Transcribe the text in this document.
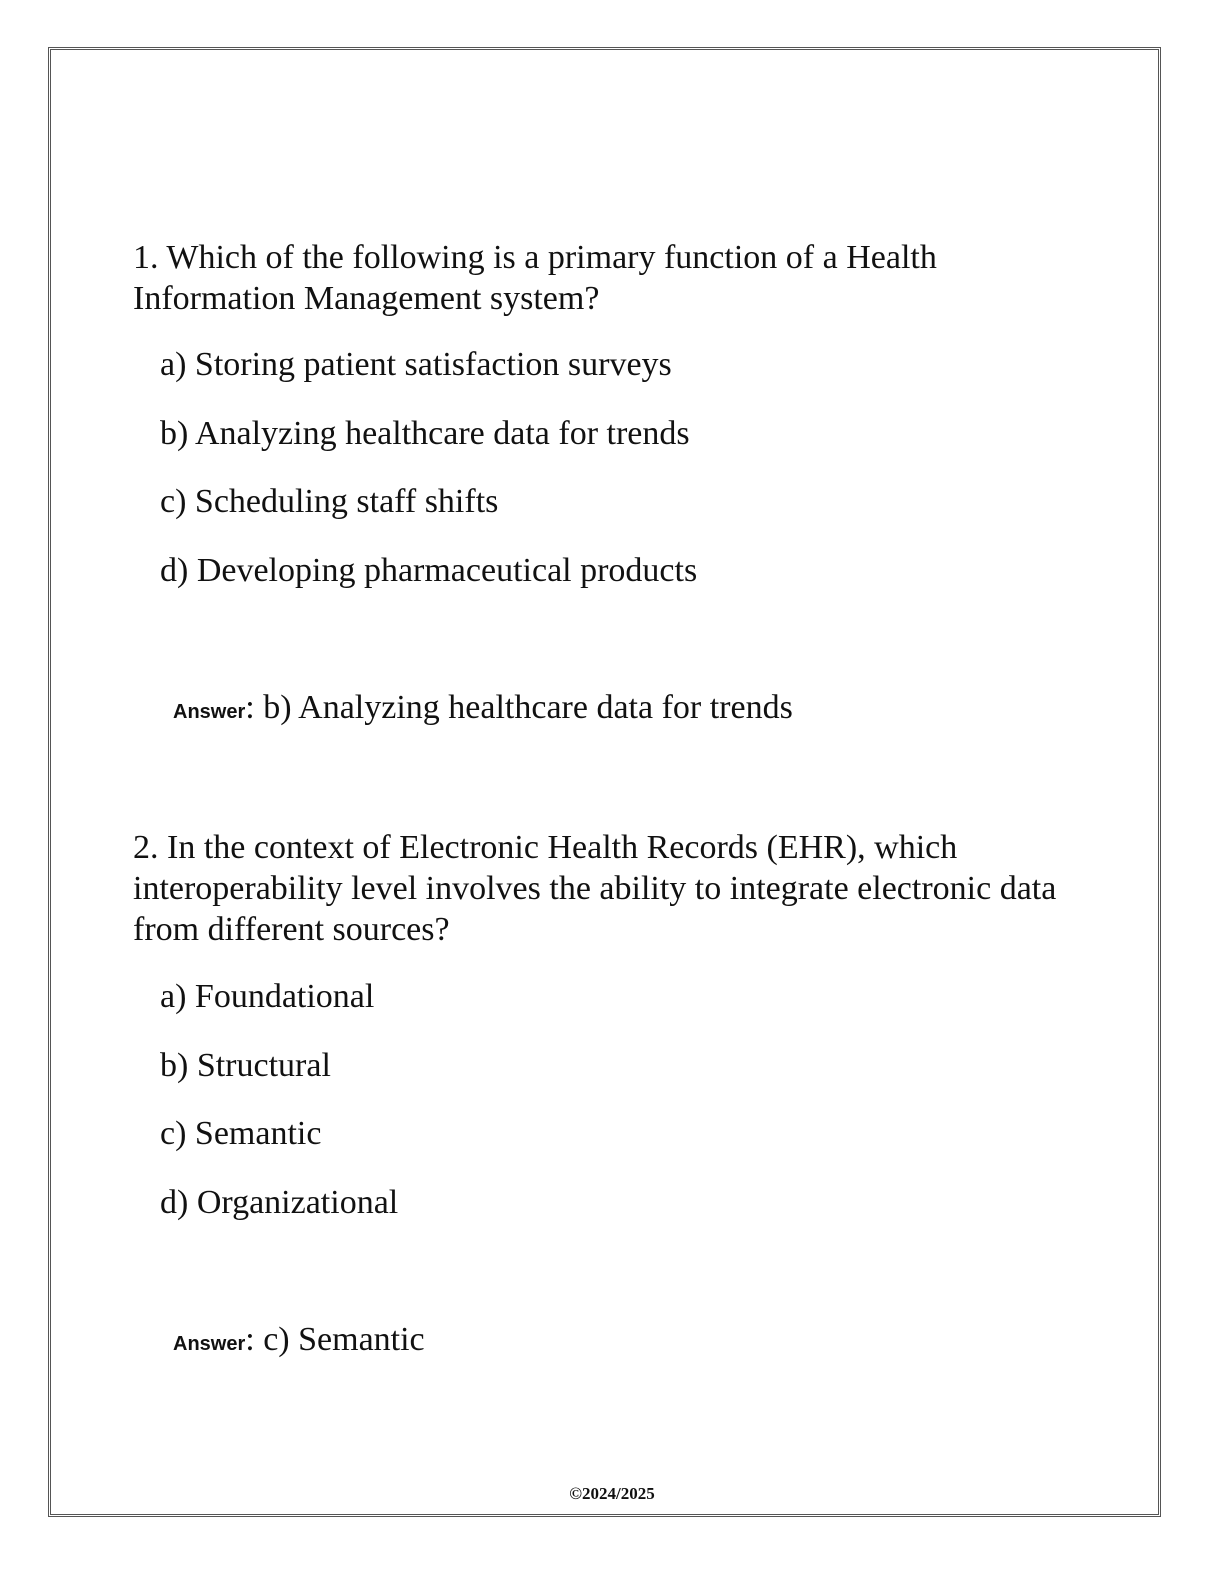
1. Which of the following is a primary function of a Health Information Management system?

a) Storing patient satisfaction surveys

b) Analyzing healthcare data for trends

c) Scheduling staff shifts

d) Developing pharmaceutical products

Answer: b) Analyzing healthcare data for trends

2. In the context of Electronic Health Records (EHR), which interoperability level involves the ability to integrate electronic data from different sources?

a) Foundational

b) Structural

c) Semantic

d) Organizational

Answer: c) Semantic
©2024/2025
